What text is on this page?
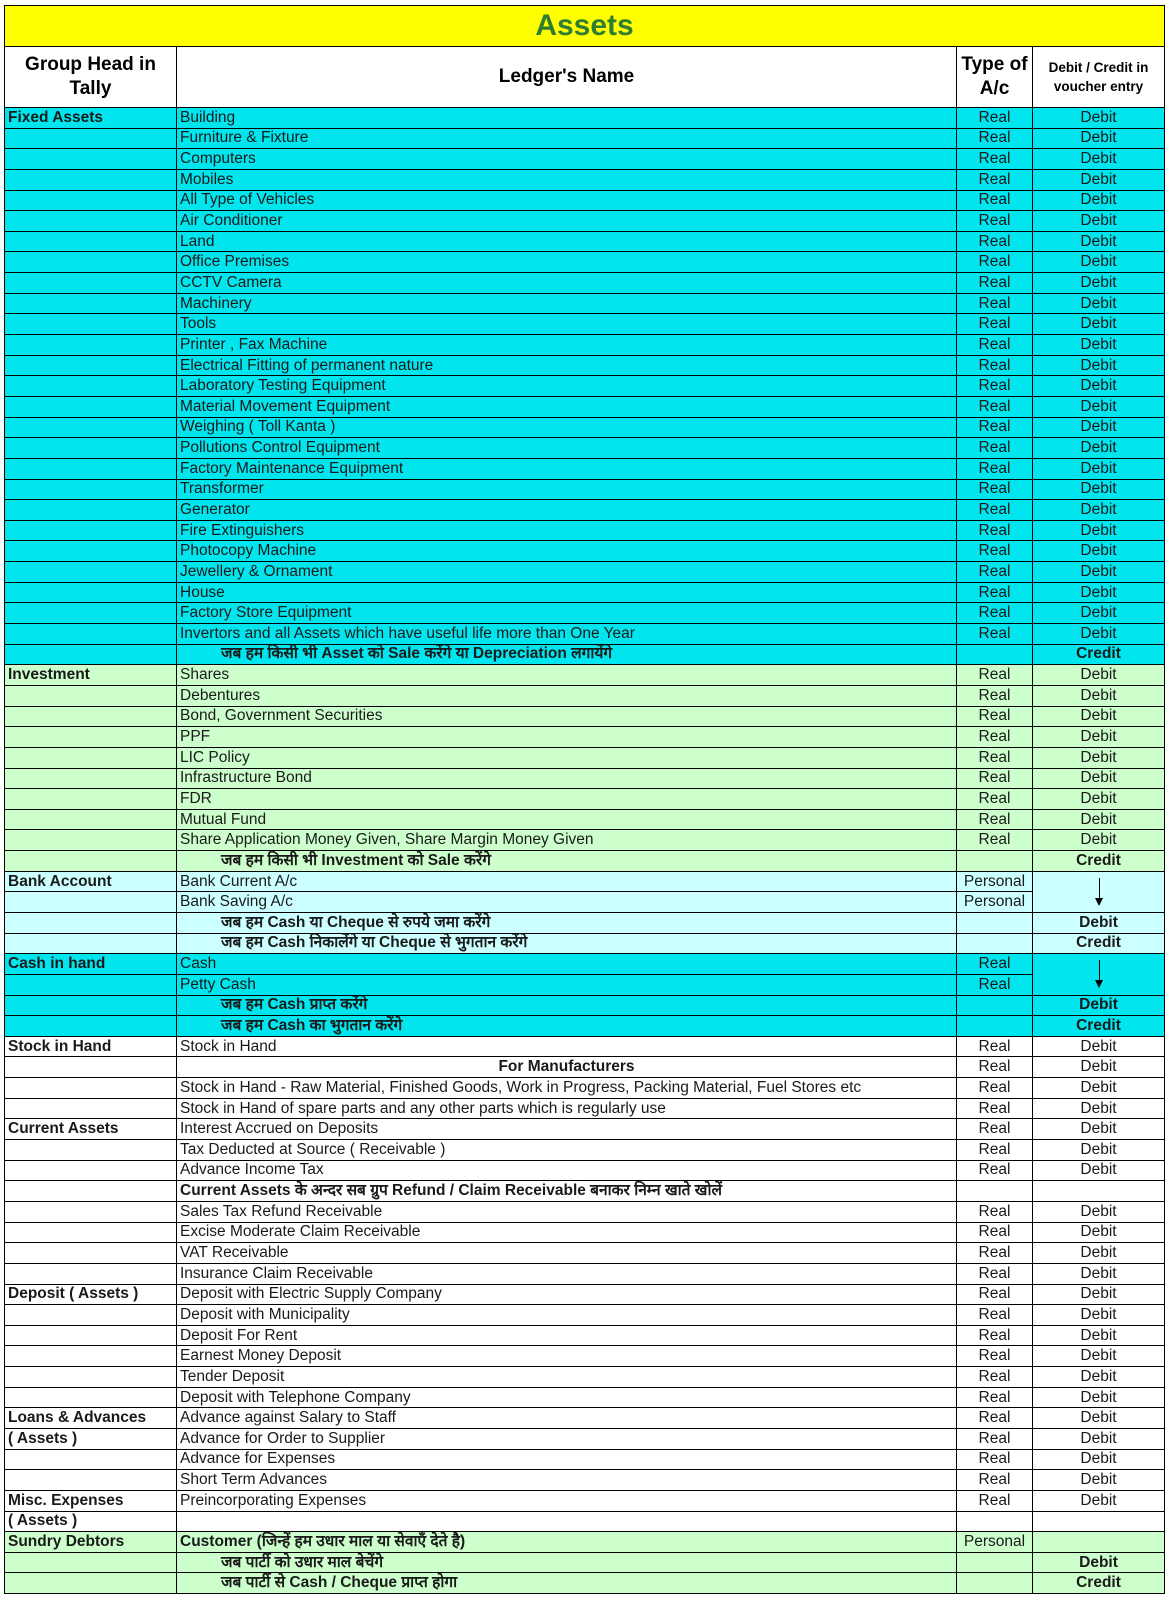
Assets			
Group Head in Tally	Ledger's Name	Type of A/c	Debit / Credit in voucher entry
Fixed Assets	Building	Real	Debit
	Furniture & Fixture	Real	Debit
	Computers	Real	Debit
	Mobiles	Real	Debit
	All Type of Vehicles	Real	Debit
	Air Conditioner	Real	Debit
	Land	Real	Debit
	Office Premises	Real	Debit
	CCTV Camera	Real	Debit
	Machinery	Real	Debit
	Tools	Real	Debit
	Printer , Fax Machine	Real	Debit
	Electrical Fitting of permanent nature	Real	Debit
	Laboratory Testing Equipment	Real	Debit
	Material Movement Equipment	Real	Debit
	Weighing ( Toll Kanta )	Real	Debit
	Pollutions Control Equipment	Real	Debit
	Factory Maintenance Equipment	Real	Debit
	Transformer	Real	Debit
	Generator	Real	Debit
	Fire Extinguishers	Real	Debit
	Photocopy Machine	Real	Debit
	Jewellery & Ornament	Real	Debit
	House	Real	Debit
	Factory Store Equipment	Real	Debit
	Invertors and all Assets which have useful life more than One Year	Real	Debit
	जब हम किसी भी Asset को Sale करेंगे या Depreciation लगायेंगे		Credit
Investment	Shares	Real	Debit
	Debentures	Real	Debit
	Bond, Government Securities	Real	Debit
	PPF	Real	Debit
	LIC Policy	Real	Debit
	Infrastructure Bond	Real	Debit
	FDR	Real	Debit
	Mutual Fund	Real	Debit
	Share Application Money Given, Share Margin Money Given	Real	Debit
	जब हम किसी भी Investment को Sale करेंगे		Credit
Bank Account	Bank Current A/c	Personal	

	Bank Saving A/c	Personal	
	जब हम Cash या Cheque से रुपये जमा करेंगे		Debit
	जब हम Cash निकालेंगे या Cheque से भुगतान करेंगे		Credit
Cash in hand	Cash	Real	

	Petty Cash	Real	
	जब हम Cash प्राप्त करेंगे		Debit
	जब हम Cash का भुगतान करेंगे		Credit
Stock in Hand	Stock in Hand	Real	Debit
	For Manufacturers	Real	Debit
	Stock in Hand - Raw Material, Finished Goods, Work in Progress, Packing Material, Fuel Stores etc	Real	Debit
	Stock in Hand of spare parts and any other parts which is regularly use	Real	Debit
Current Assets	Interest Accrued on Deposits	Real	Debit
	Tax Deducted at Source ( Receivable )	Real	Debit
	Advance Income Tax	Real	Debit
	Current Assets के अन्दर सब ग्रुप Refund / Claim Receivable बनाकर निम्न खाते खोलें		
	Sales Tax Refund Receivable	Real	Debit
	Excise Moderate Claim Receivable	Real	Debit
	VAT Receivable	Real	Debit
	Insurance Claim Receivable	Real	Debit
Deposit ( Assets )	Deposit with Electric Supply Company	Real	Debit
	Deposit with Municipality	Real	Debit
	Deposit For Rent	Real	Debit
	Earnest Money Deposit	Real	Debit
	Tender Deposit	Real	Debit
	Deposit with Telephone Company	Real	Debit
Loans & Advances	Advance against Salary to Staff	Real	Debit
( Assets )	Advance for Order to Supplier	Real	Debit
	Advance for Expenses	Real	Debit
	Short Term Advances	Real	Debit
Misc. Expenses	Preincorporating Expenses	Real	Debit
( Assets )			
Sundry Debtors	Customer (जिन्हें हम उधार माल या सेवाएँ देते है)	Personal	
	जब पार्टी को उधार माल बेचेंगे		Debit
	जब पार्टी से Cash / Cheque प्राप्त होगा		Credit
